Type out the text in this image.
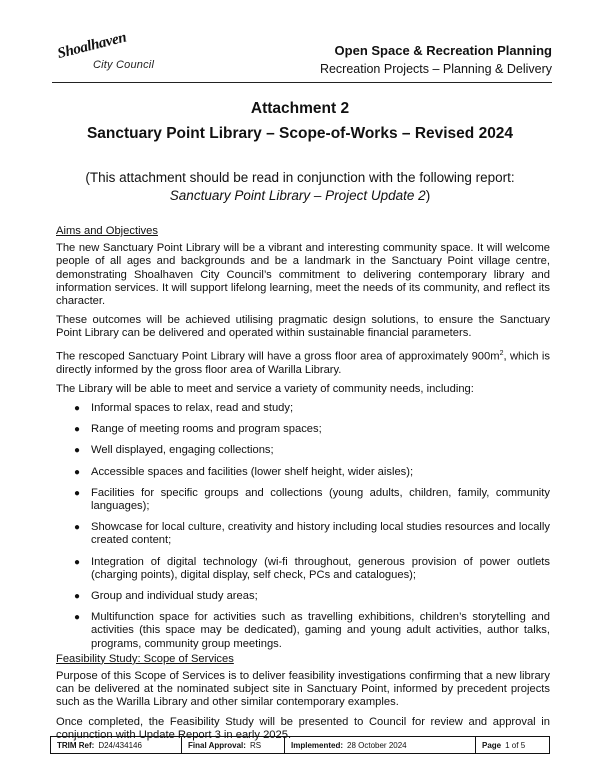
Shoalhaven
City Council
Open Space & Recreation Planning
Recreation Projects – Planning & Delivery
Attachment 2
Sanctuary Point Library – Scope-of-Works – Revised 2024
(This attachment should be read in conjunction with the following report:
Sanctuary Point Library – Project Update 2)

Aims and Objectives

The new Sanctuary Point Library will be a vibrant and interesting community space. It will welcome people of all ages and backgrounds and be a landmark in the Sanctuary Point village centre, demonstrating Shoalhaven City Council’s commitment to delivering contemporary library and information services. It will support lifelong learning, meet the needs of its community, and reflect its character.

These outcomes will be achieved utilising pragmatic design solutions, to ensure the Sanctuary Point Library can be delivered and operated within sustainable financial parameters.

The rescoped Sanctuary Point Library will have a gross floor area of approximately $900m^2$, which is directly informed by the gross floor area of Warilla Library.

The Library will be able to meet and service a variety of community needs, including:

● Informal spaces to relax, read and study;
● Range of meeting rooms and program spaces;
● Well displayed, engaging collections;
● Accessible spaces and facilities (lower shelf height, wider aisles);
● Facilities for specific groups and collections (young adults, children, family, community languages);
● Showcase for local culture, creativity and history including local studies resources and locally created content;
● Integration of digital technology (wi-fi throughout, generous provision of power outlets (charging points), digital display, self check, PCs and catalogues);
● Group and individual study areas;
● Multifunction space for activities such as travelling exhibitions, children’s storytelling and activities (this space may be dedicated), gaming and young adult activities, author talks, programs, community group meetings.

Feasibility Study: Scope of Services

Purpose of this Scope of Services is to deliver feasibility investigations confirming that a new library can be delivered at the nominated subject site in Sanctuary Point, informed by precedent projects such as the Warilla Library and other similar contemporary examples.

Once completed, the Feasibility Study will be presented to Council for review and approval in conjunction with Update Report 3 in early 2025.

TRIM Ref: D24/434146	Final Approval: RS	Implemented: 28 October 2024	Page 1 of 5
